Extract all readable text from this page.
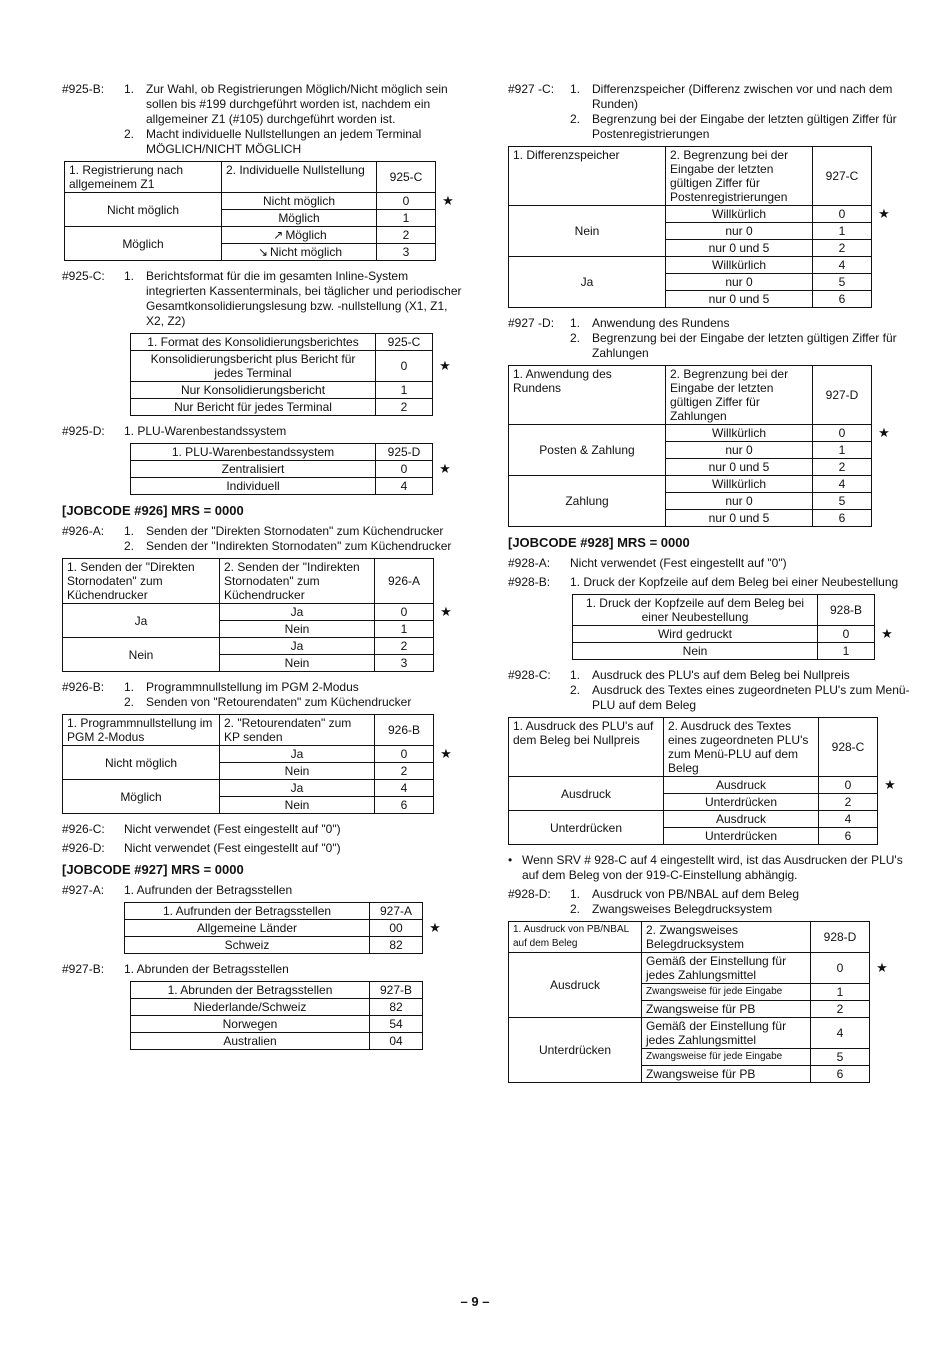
#925-B:	1. Zur Wahl, ob Registrierungen Möglich/Nicht möglich sein sollen bis #199 durchgeführt worden ist, nachdem ein allgemeiner Z1 (#105) durchgeführt worden ist.
2. Macht individuelle Nullstellungen an jedem Terminal MÖGLICH/NICHT MÖGLICH
1. Registrierung nach allgemeinem Z1	2. Individuelle Nullstellung	925-C	
Nicht möglich	Nicht möglich	0	★
	Möglich	1	
Möglich	↗ Möglich	2	
	↘ Nicht möglich	3	
#925-C:	1. Berichtsformat für die im gesamten Inline-System integrierten Kassenterminals, bei täglicher und periodischer Gesamtkonsolidierungslesung bzw. -nullstellung (X1, Z1, X2, Z2)
1. Format des Konsolidierungsberichtes	925-C	
Konsolidierungsbericht plus Bericht für jedes Terminal	0	★
Nur Konsolidierungsbericht	1	
Nur Bericht für jedes Terminal	2	
#925-D:	1. PLU-Warenbestandssystem
1. PLU-Warenbestandssystem	925-D	
Zentralisiert	0	★
Individuell	4	
[JOBCODE #926] MRS = 0000
#926-A:	1. Senden der "Direkten Stornodaten" zum Küchendrucker
2. Senden der "Indirekten Stornodaten" zum Küchendrucker
1. Senden der "Direkten Stornodaten" zum Küchendrucker	2. Senden der "Indirekten Stornodaten" zum Küchendrucker	926-A	
Ja	Ja	0	★
	Nein	1	
Nein	Ja	2	
	Nein	3	
#926-B:	1. Programmnullstellung im PGM 2-Modus
2. Senden von "Retourendaten" zum Küchendrucker
1. Programmnullstellung im PGM 2-Modus	2. "Retourendaten" zum KP senden	926-B	
Nicht möglich	Ja	0	★
	Nein	2	
Möglich	Ja	4	
	Nein	6	
#926-C:	Nicht verwendet (Fest eingestellt auf "0")
#926-D:	Nicht verwendet (Fest eingestellt auf "0")
[JOBCODE #927] MRS = 0000
#927-A:	1. Aufrunden der Betragsstellen
1. Aufrunden der Betragsstellen	927-A	
Allgemeine Länder	00	★
Schweiz	82	
#927-B:	1. Abrunden der Betragsstellen
1. Abrunden der Betragsstellen	927-B
Niederlande/Schweiz	82
Norwegen	54
Australien	04
#927 -C:	1. Differenzspeicher (Differenz zwischen vor und nach dem Runden)
2. Begrenzung bei der Eingabe der letzten gültigen Ziffer für Postenregistrierungen
1. Differenzspeicher	2. Begrenzung bei der Eingabe der letzten gültigen Ziffer für Postenregistrierungen	927-C	
Nein	Willkürlich	0	★
	nur 0	1	
	nur 0 und 5	2	
Ja	Willkürlich	4	
	nur 0	5	
	nur 0 und 5	6	
#927 -D:	1. Anwendung des Rundens
2. Begrenzung bei der Eingabe der letzten gültigen Ziffer für Zahlungen
1. Anwendung des Rundens	2. Begrenzung bei der Eingabe der letzten gültigen Ziffer für Zahlungen	927-D	
Posten & Zahlung	Willkürlich	0	★
	nur 0	1	
	nur 0 und 5	2	
Zahlung	Willkürlich	4	
	nur 0	5	
	nur 0 und 5	6	
[JOBCODE #928] MRS = 0000
#928-A:	Nicht verwendet (Fest eingestellt auf "0")
#928-B:	1. Druck der Kopfzeile auf dem Beleg bei einer Neubestellung
1. Druck der Kopfzeile auf dem Beleg bei einer Neubestellung	928-B	
Wird gedruckt	0	★
Nein	1	
#928-C:	1. Ausdruck des PLU's auf dem Beleg bei Nullpreis
2. Ausdruck des Textes eines zugeordneten PLU's zum Menü-PLU auf dem Beleg
1. Ausdruck des PLU's auf dem Beleg bei Nullpreis	2. Ausdruck des Textes eines zugeordneten PLU's zum Menü-PLU auf dem Beleg	928-C	
Ausdruck	Ausdruck	0	★
	Unterdrücken	2	
Unterdrücken	Ausdruck	4	
	Unterdrücken	6	
• Wenn SRV # 928-C auf 4 eingestellt wird, ist das Ausdrucken der PLU's auf dem Beleg von der 919-C-Einstellung abhängig.
#928-D:	1. Ausdruck von PB/NBAL auf dem Beleg
2. Zwangsweises Belegdrucksystem
1. Ausdruck von PB/NBAL auf dem Beleg	2. Zwangsweises Belegdrucksystem	928-D	
Ausdruck	Gemäß der Einstellung für jedes Zahlungsmittel	0	★
	Zwangsweise für jede Eingabe	1	
	Zwangsweise für PB	2	
Unterdrücken	Gemäß der Einstellung für jedes Zahlungsmittel	4	
	Zwangsweise für jede Eingabe	5	
	Zwangsweise für PB	6	
– 9 –
